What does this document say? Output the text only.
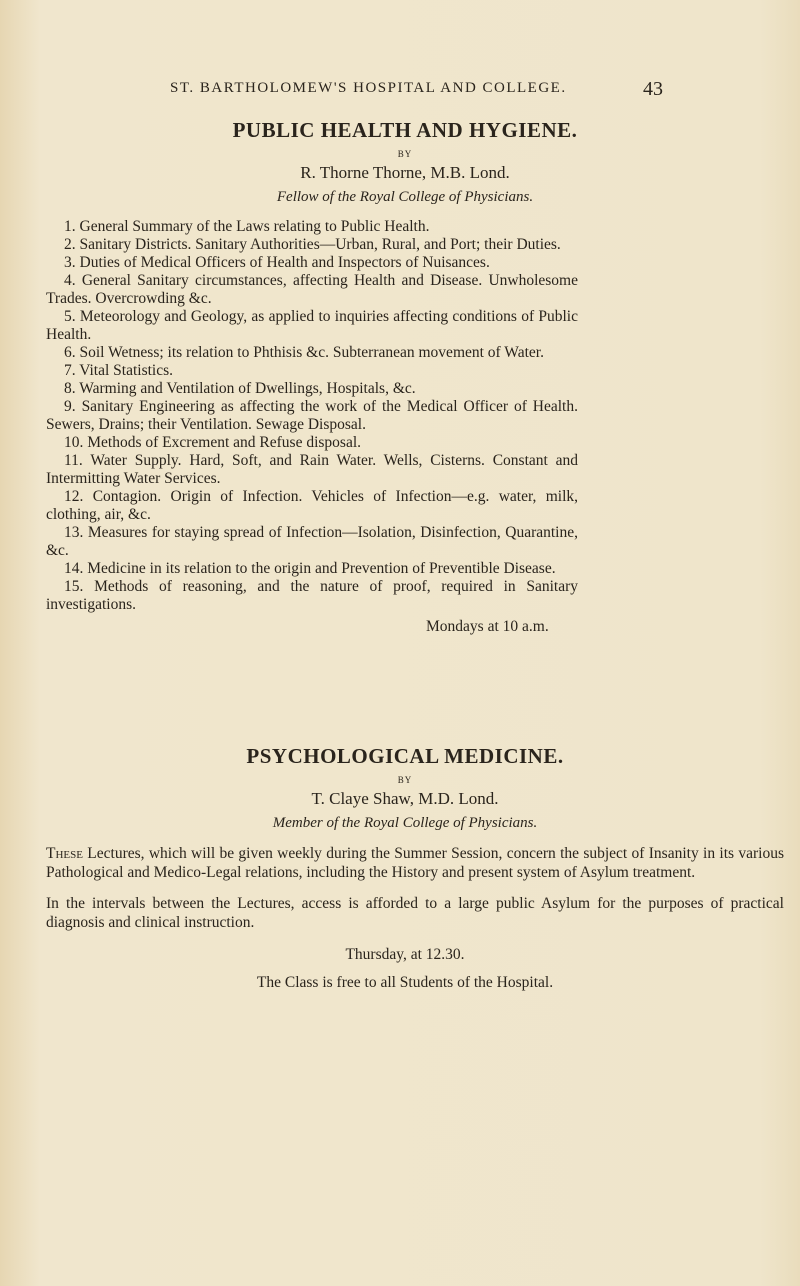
ST. BARTHOLOMEW'S HOSPITAL AND COLLEGE.	43
PUBLIC HEALTH AND HYGIENE.
BY
R. Thorne Thorne, M.B. Lond.
Fellow of the Royal College of Physicians.
1. General Summary of the Laws relating to Public Health.
2. Sanitary Districts. Sanitary Authorities—Urban, Rural, and Port; their Duties.
3. Duties of Medical Officers of Health and Inspectors of Nuisances.
4. General Sanitary circumstances, affecting Health and Disease. Unwholesome Trades. Overcrowding &c.
5. Meteorology and Geology, as applied to inquiries affecting conditions of Public Health.
6. Soil Wetness; its relation to Phthisis &c. Subterranean movement of Water.
7. Vital Statistics.
8. Warming and Ventilation of Dwellings, Hospitals, &c.
9. Sanitary Engineering as affecting the work of the Medical Officer of Health. Sewers, Drains; their Ventilation. Sewage Disposal.
10. Methods of Excrement and Refuse disposal.
11. Water Supply. Hard, Soft, and Rain Water. Wells, Cisterns. Constant and Intermitting Water Services.
12. Contagion. Origin of Infection. Vehicles of Infection—e.g. water, milk, clothing, air, &c.
13. Measures for staying spread of Infection—Isolation, Disinfection, Quarantine, &c.
14. Medicine in its relation to the origin and Prevention of Preventible Disease.
15. Methods of reasoning, and the nature of proof, required in Sanitary investigations.
Mondays at 10 a.m.
PSYCHOLOGICAL MEDICINE.
BY
T. Claye Shaw, M.D. Lond.
Member of the Royal College of Physicians.

These Lectures, which will be given weekly during the Summer Session, concern the subject of Insanity in its various Pathological and Medico-Legal relations, including the History and present system of Asylum treatment.

In the intervals between the Lectures, access is afforded to a large public Asylum for the purposes of practical diagnosis and clinical instruction.

Thursday, at 12.30.
The Class is free to all Students of the Hospital.
